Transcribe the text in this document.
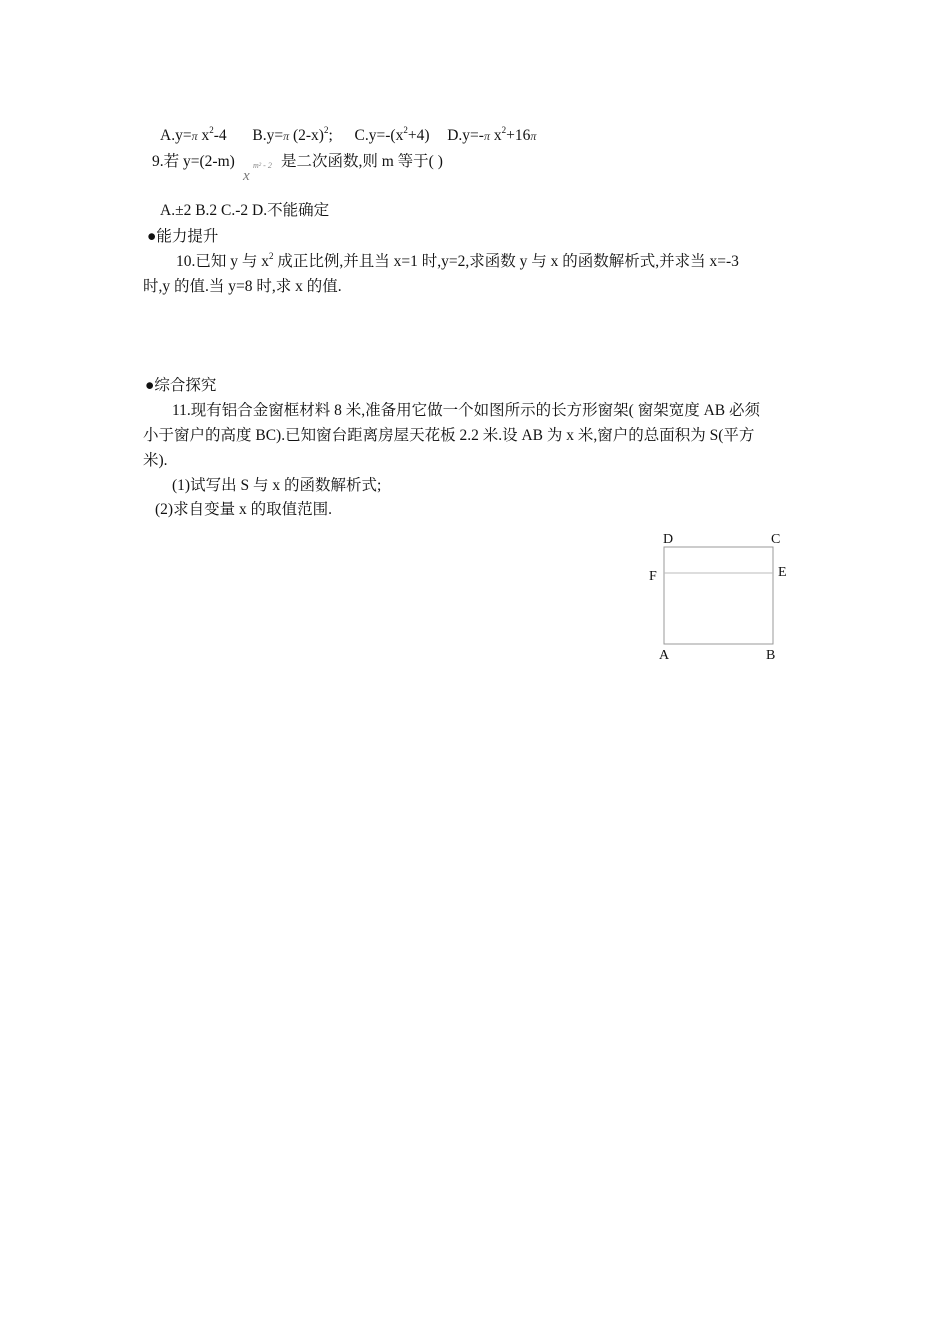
A.y=π $x^2-4$ B.y=π $(2-x)^2$; $C.y=-(x^2+4)$ D.y=-π $x^2+16\pi$
9.若 y=(2-m)
x
m² - 2 是二次函数,则 m 等于( )
A.±2 B.2 C.-2 D.不能确定
●能力提升
10.已知 y 与 $x^2$ 成正比例,并且当 x=1 时,y=2,求函数 y 与 x 的函数解析式,并求当 x=-3
时,y 的值.当 y=8 时,求 x 的值.
●综合探究
11.现有铝合金窗框材料 8 米,准备用它做一个如图所示的长方形窗架( 窗架宽度 AB 必须
小于窗户的高度 BC).已知窗台距离房屋天花板 2.2 米.设 AB 为 x 米,窗户的总面积为 S(平方
米).
(1)试写出 S 与 x 的函数解析式;
(2)求自变量 x 的取值范围.
D	C
F	E
A	B
